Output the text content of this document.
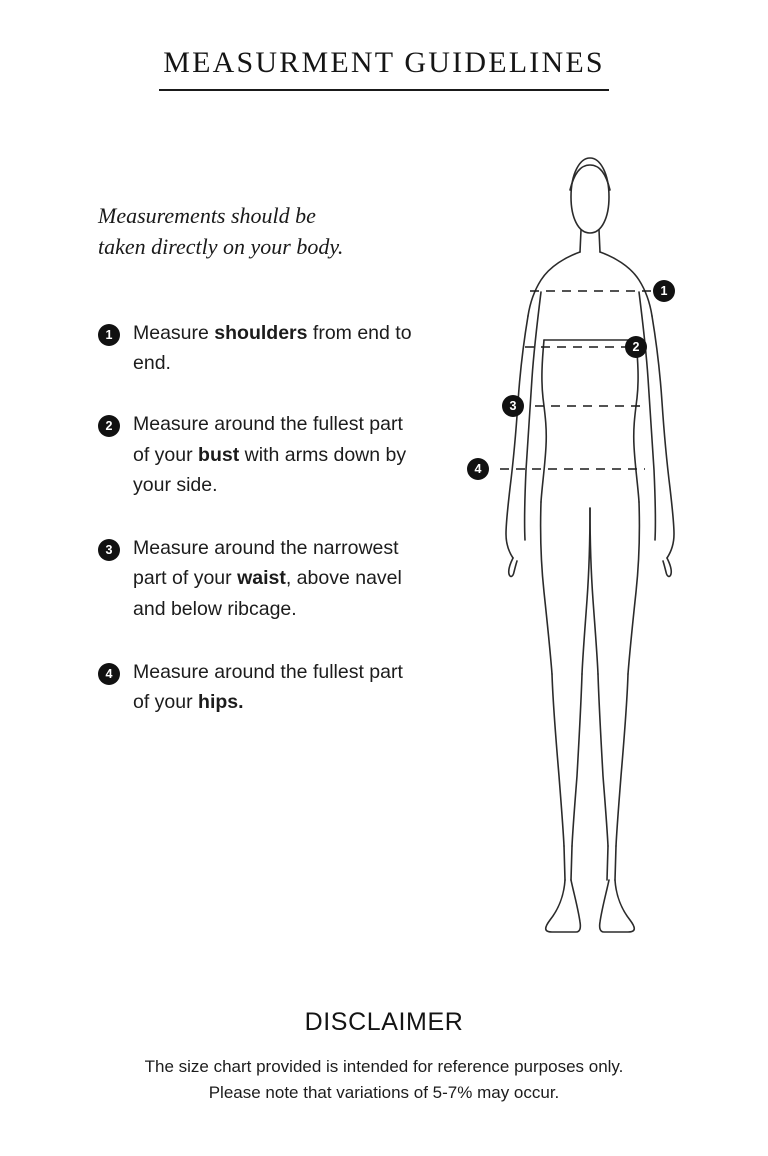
MEASURMENT GUIDELINES
Measurements should be
taken directly on your body.
1	Measure shoulders from end to end.
2	Measure around the fullest part of your bust with arms down by your side.
3	Measure around the narrowest part of your waist, above navel and below ribcage.
4	Measure around the fullest part of your hips.
1
2
3
4
DISCLAIMER
The size chart provided is intended for reference purposes only.
Please note that variations of 5-7% may occur.
